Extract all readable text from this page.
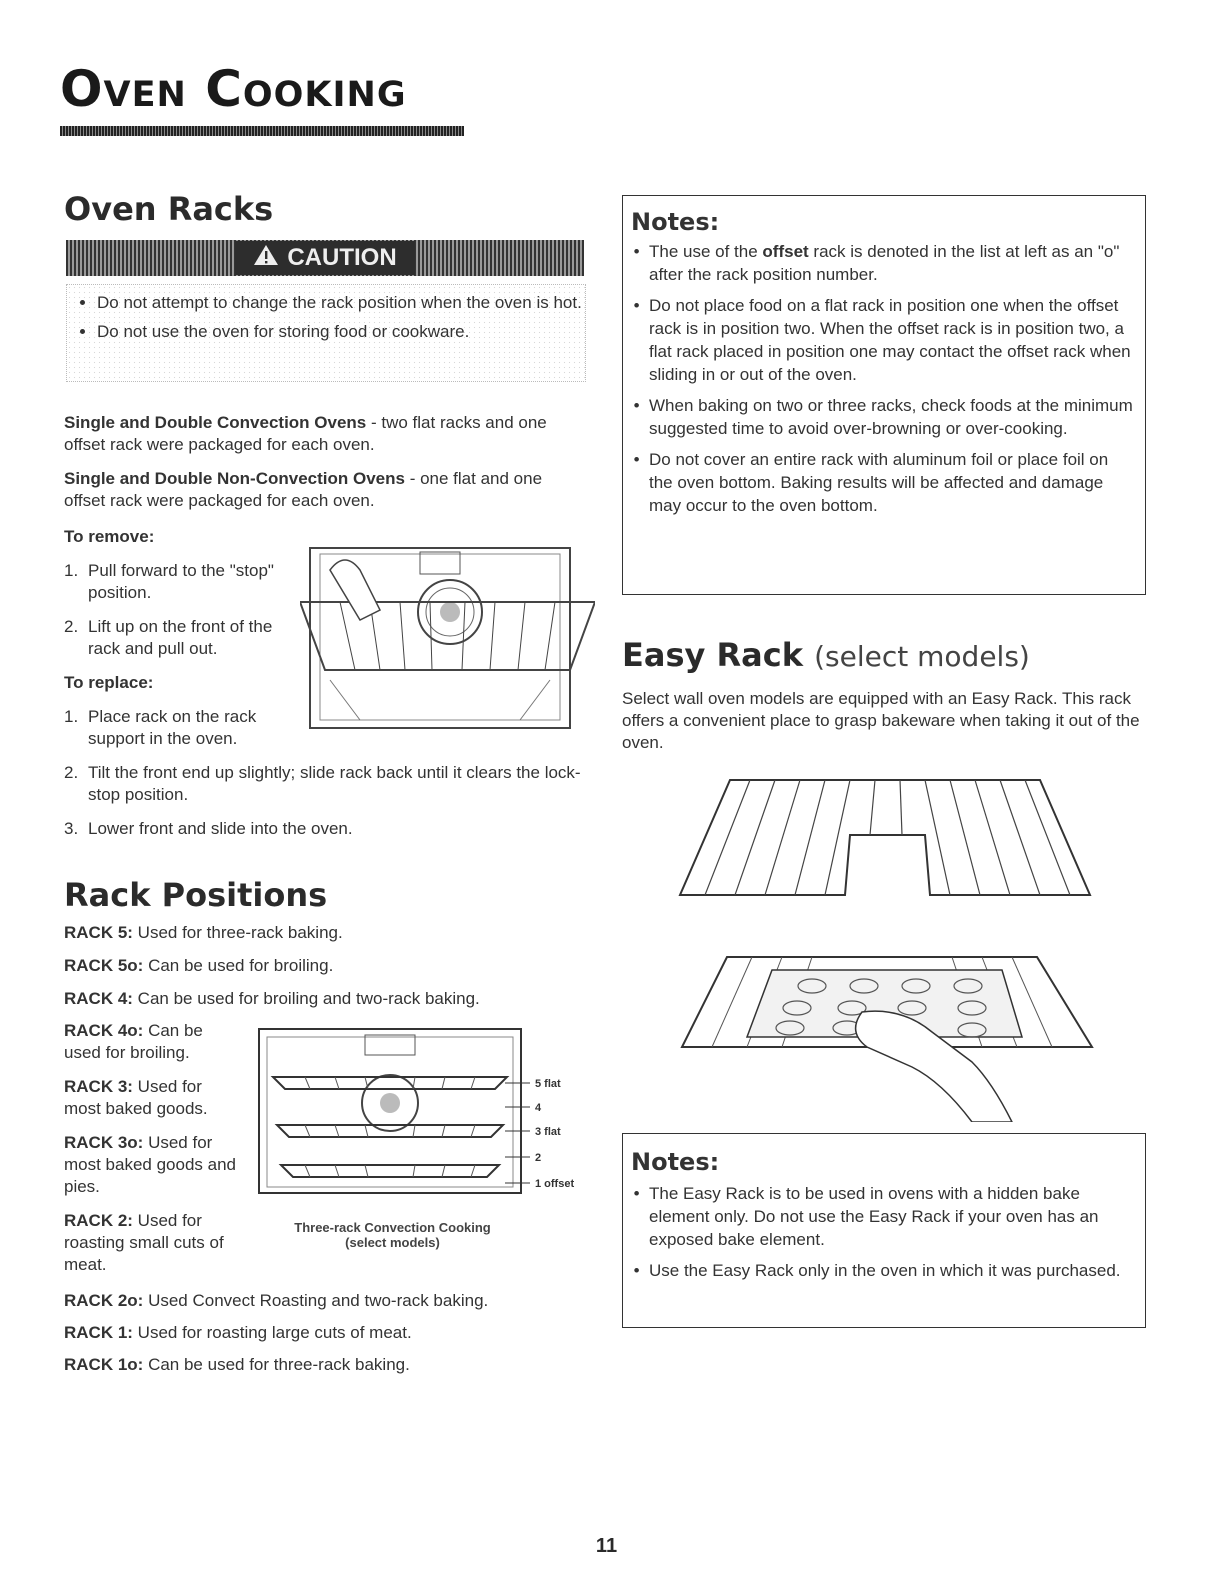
Oven Cooking
Oven Racks
CAUTION
• Do not attempt to change the rack position when the oven is hot.
• Do not use the oven for storing food or cookware.
Single and Double Convection Ovens - two flat racks and one offset rack were packaged for each oven.
Single and Double Non-Convection Ovens - one flat and one offset rack were packaged for each oven.
To remove:
1. Pull forward to the "stop" position.
2. Lift up on the front of the rack and pull out.
To replace:
1. Place rack on the rack support in the oven.
2. Tilt the front end up slightly; slide rack back until it clears the lock-stop position.
3. Lower front and slide into the oven.
Rack Positions
RACK 5: Used for three-rack baking.
RACK 5o: Can be used for broiling.
RACK 4: Can be used for broiling and two-rack baking.
RACK 4o: Can be used for broiling.
RACK 3: Used for most baked goods.
RACK 3o: Used for most baked goods and pies.
RACK 2: Used for roasting small cuts of meat.
RACK 2o: Used Convect Roasting and two-rack baking.
RACK 1: Used for roasting large cuts of meat.
RACK 1o: Can be used for three-rack baking.
5 flat
4
3 flat
2
1 offset
Three-rack Convection Cooking
(select models)
Notes:
• The use of the offset rack is denoted in the list at left as an "o" after the rack position number.
• Do not place food on a flat rack in position one when the offset rack is in position two. When the offset rack is in position two, a flat rack placed in position one may contact the offset rack when sliding in or out of the oven.
• When baking on two or three racks, check foods at the minimum suggested time to avoid over-browning or over-cooking.
• Do not cover an entire rack with aluminum foil or place foil on the oven bottom. Baking results will be affected and damage may occur to the oven bottom.
Easy Rack (select models)
Select wall oven models are equipped with an Easy Rack. This rack offers a convenient place to grasp bakeware when taking it out of the oven.
Notes:
• The Easy Rack is to be used in ovens with a hidden bake element only. Do not use the Easy Rack if your oven has an exposed bake element.
• Use the Easy Rack only in the oven in which it was purchased.
11
